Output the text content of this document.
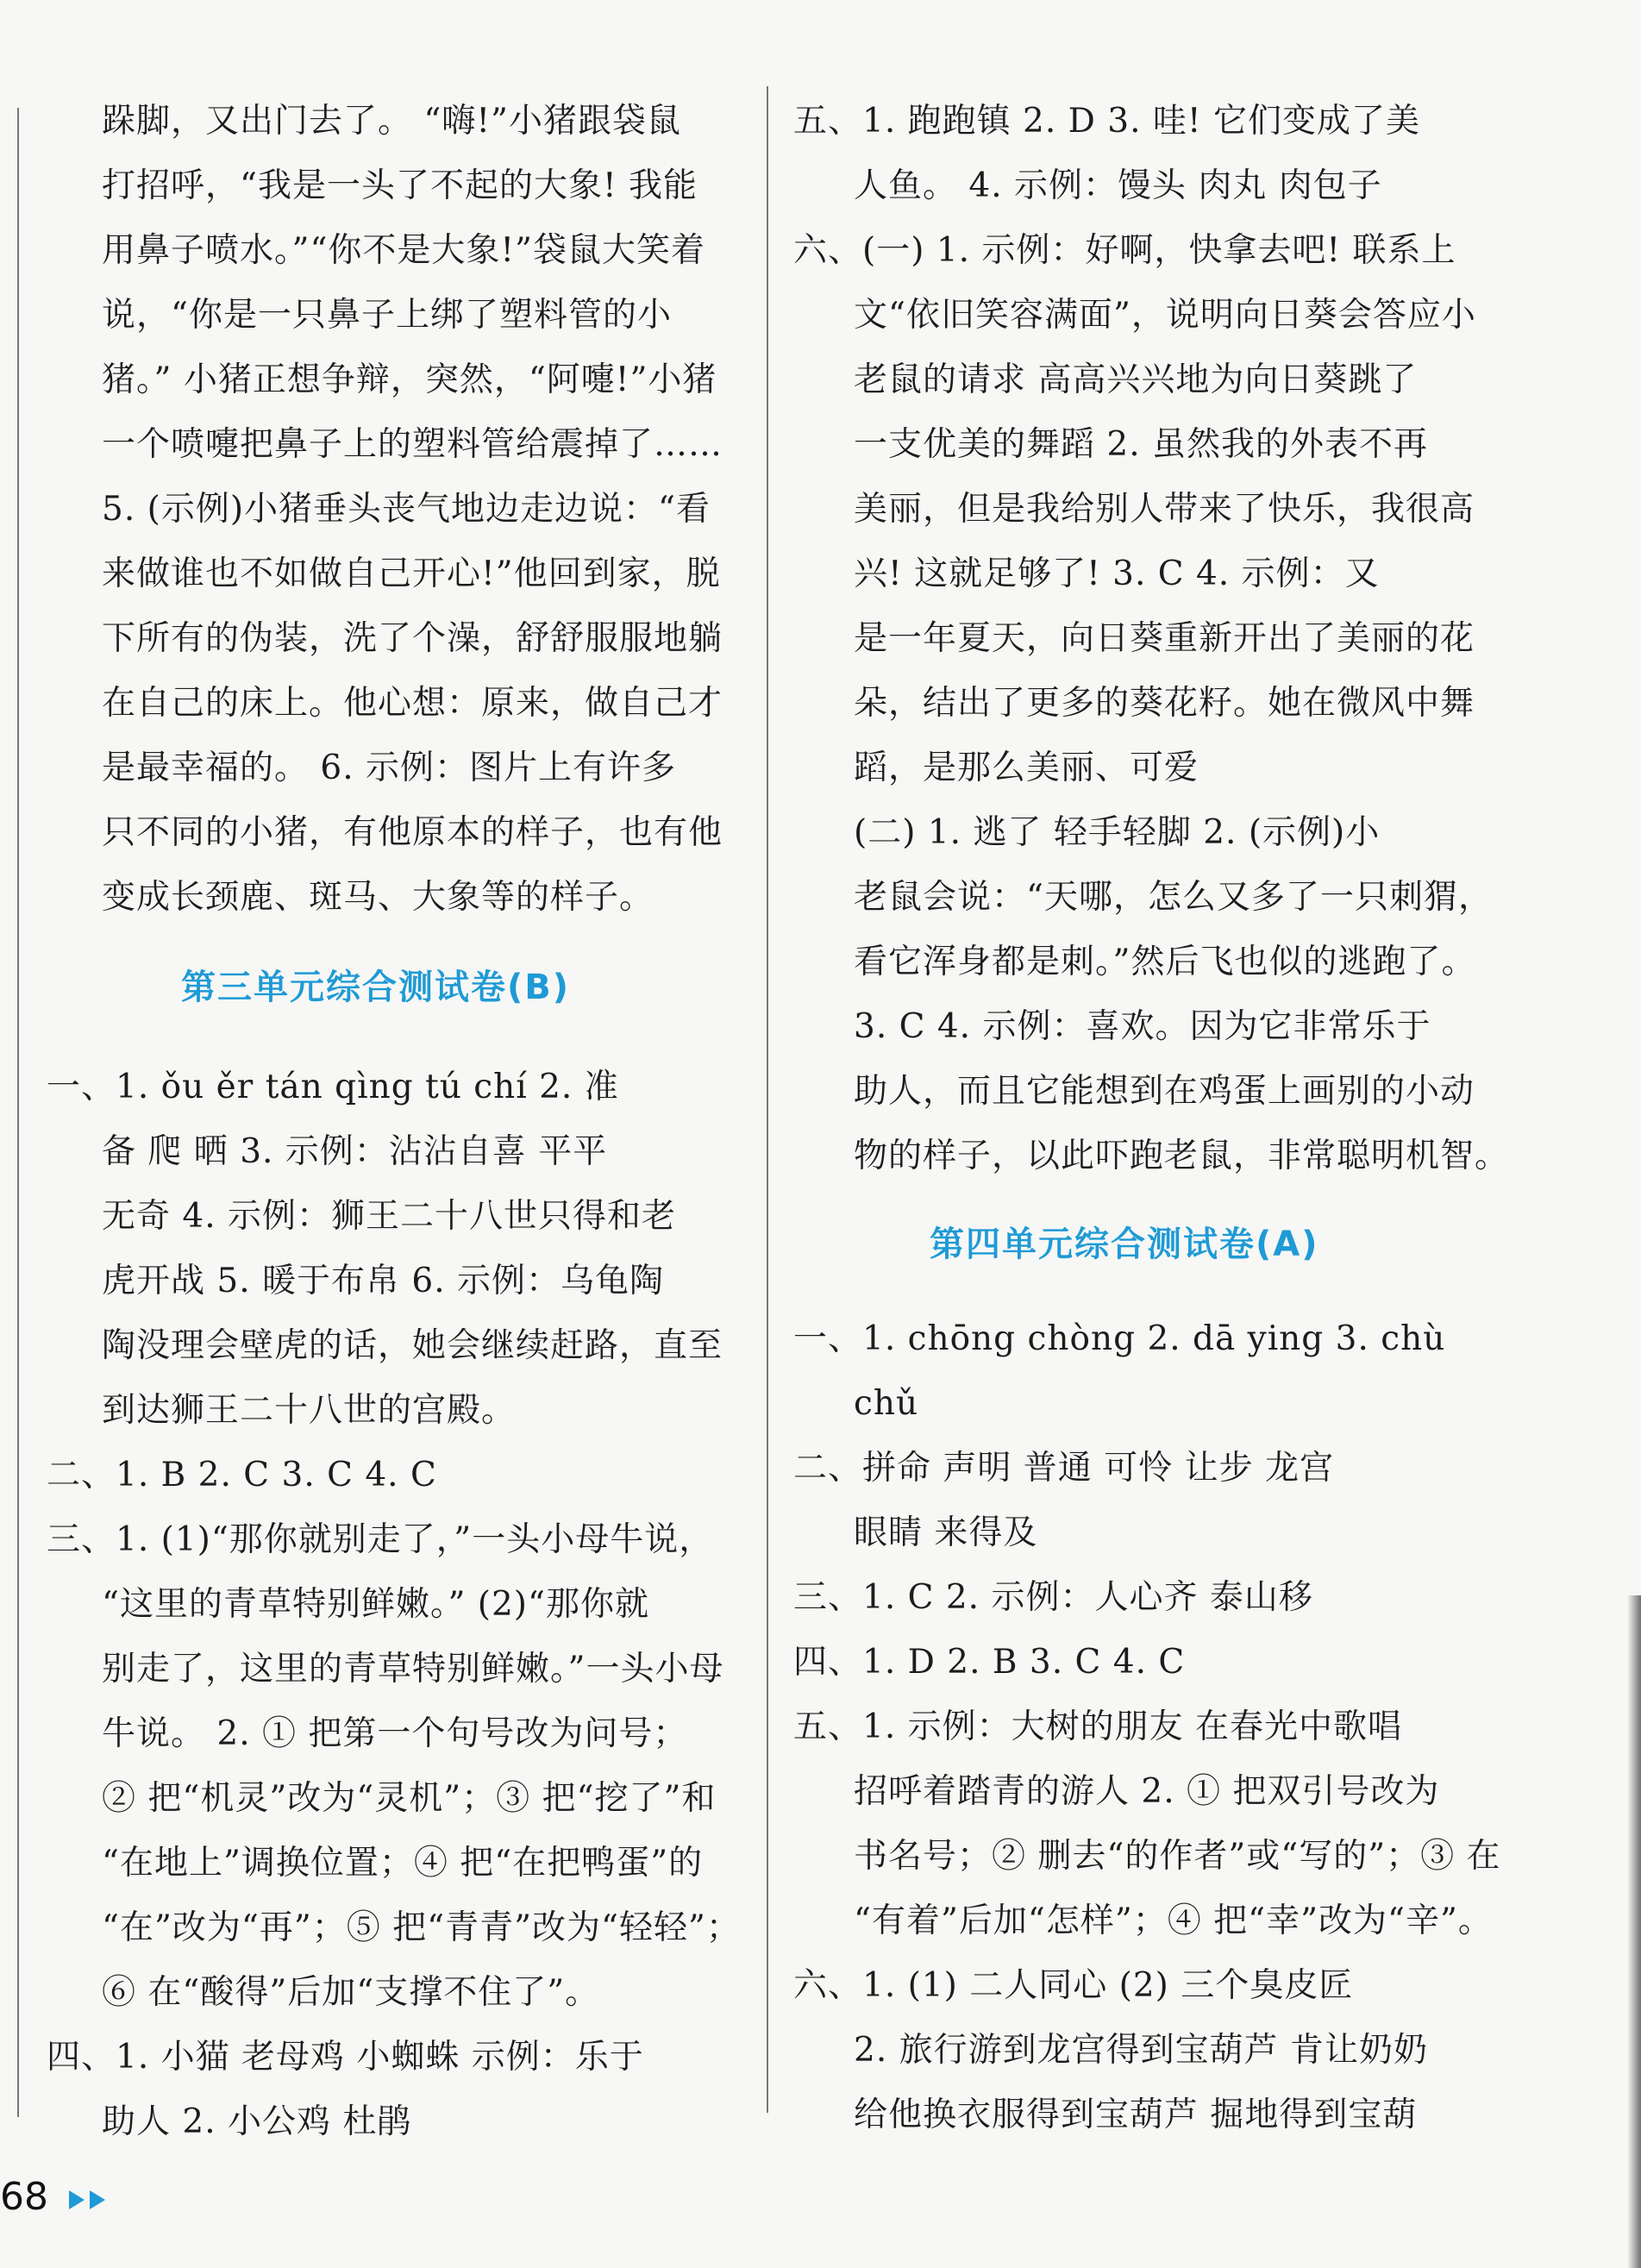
跺脚，又出门去了。 “嗨!”小猪跟袋鼠
打招呼，“我是一头了不起的大象! 我能
用鼻子喷水。”“你不是大象!”袋鼠大笑着
说，“你是一只鼻子上绑了塑料管的小
猪。” 小猪正想争辩，突然，“阿嚏!”小猪
一个喷嚏把鼻子上的塑料管给震掉了……
5. (示例)小猪垂头丧气地边走边说：“看
来做谁也不如做自己开心!”他回到家，脱
下所有的伪装，洗了个澡，舒舒服服地躺
在自己的床上。他心想：原来，做自己才
是最幸福的。 6. 示例：图片上有许多
只不同的小猪，有他原本的样子，也有他
变成长颈鹿、斑马、大象等的样子。
第三单元综合测试卷(B)
一、1. ǒu ěr tán qìng tú chí 2. 准
备 爬 晒 3. 示例：沾沾自喜 平平
无奇 4. 示例：狮王二十八世只得和老
虎开战 5. 暖于布帛 6. 示例：乌龟陶
陶没理会壁虎的话，她会继续赶路，直至
到达狮王二十八世的宫殿。
二、1. B 2. C 3. C 4. C
三、1. (1)“那你就别走了，”一头小母牛说，
“这里的青草特别鲜嫩。” (2)“那你就
别走了，这里的青草特别鲜嫩。”一头小母
牛说。 2. ① 把第一个句号改为问号；
② 把“机灵”改为“灵机”；③ 把“挖了”和
“在地上”调换位置；④ 把“在把鸭蛋”的
“在”改为“再”；⑤ 把“青青”改为“轻轻”；
⑥ 在“酸得”后加“支撑不住了”。
四、1. 小猫 老母鸡 小蜘蛛 示例：乐于
助人 2. 小公鸡 杜鹃
五、1. 跑跑镇 2. D 3. 哇! 它们变成了美
人鱼。 4. 示例：馒头 肉丸 肉包子
六、(一) 1. 示例：好啊，快拿去吧! 联系上
文“依旧笑容满面”，说明向日葵会答应小
老鼠的请求 高高兴兴地为向日葵跳了
一支优美的舞蹈 2. 虽然我的外表不再
美丽，但是我给别人带来了快乐，我很高
兴! 这就足够了! 3. C 4. 示例：又
是一年夏天，向日葵重新开出了美丽的花
朵，结出了更多的葵花籽。她在微风中舞
蹈，是那么美丽、可爱
(二) 1. 逃了 轻手轻脚 2. (示例)小
老鼠会说：“天哪，怎么又多了一只刺猬，
看它浑身都是刺。”然后飞也似的逃跑了。
3. C 4. 示例：喜欢。因为它非常乐于
助人，而且它能想到在鸡蛋上画别的小动
物的样子，以此吓跑老鼠，非常聪明机智。
第四单元综合测试卷(A)
一、1. chōng chòng 2. dā ying 3. chù
chǔ
二、拼命 声明 普通 可怜 让步 龙宫
眼睛 来得及
三、1. C 2. 示例：人心齐 泰山移
四、1. D 2. B 3. C 4. C
五、1. 示例：大树的朋友 在春光中歌唱
招呼着踏青的游人 2. ① 把双引号改为
书名号；② 删去“的作者”或“写的”；③ 在
“有着”后加“怎样”；④ 把“幸”改为“辛”。
六、1. (1) 二人同心 (2) 三个臭皮匠
2. 旅行游到龙宫得到宝葫芦 肯让奶奶
给他换衣服得到宝葫芦 掘地得到宝葫
68
